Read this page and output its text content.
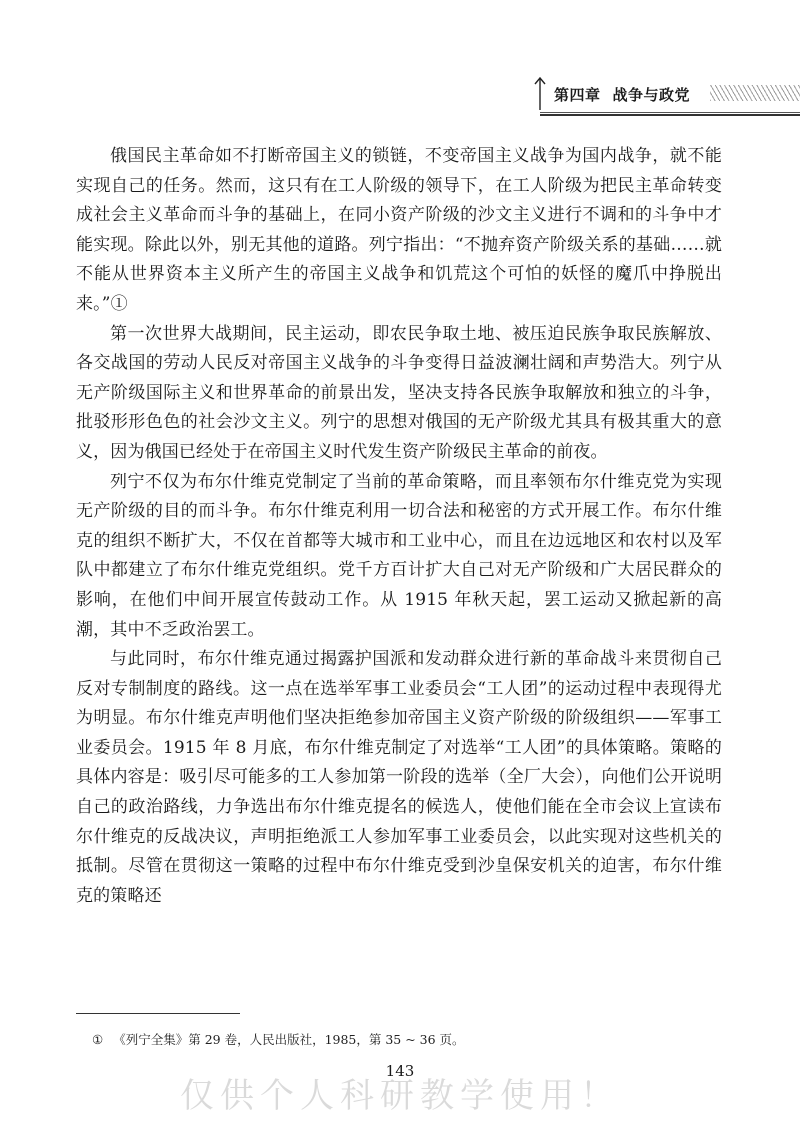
第四章 战争与政党

俄国民主革命如不打断帝国主义的锁链，不变帝国主义战争为国内战争，就不能实现自己的任务。然而，这只有在工人阶级的领导下，在工人阶级为把民主革命转变成社会主义革命而斗争的基础上，在同小资产阶级的沙文主义进行不调和的斗争中才能实现。除此以外，别无其他的道路。列宁指出：“不抛弃资产阶级关系的基础……就不能从世界资本主义所产生的帝国主义战争和饥荒这个可怕的妖怪的魔爪中挣脱出来。”①

第一次世界大战期间，民主运动，即农民争取土地、被压迫民族争取民族解放、各交战国的劳动人民反对帝国主义战争的斗争变得日益波澜壮阔和声势浩大。列宁从无产阶级国际主义和世界革命的前景出发，坚决支持各民族争取解放和独立的斗争，批驳形形色色的社会沙文主义。列宁的思想对俄国的无产阶级尤其具有极其重大的意义，因为俄国已经处于在帝国主义时代发生资产阶级民主革命的前夜。

列宁不仅为布尔什维克党制定了当前的革命策略，而且率领布尔什维克党为实现无产阶级的目的而斗争。布尔什维克利用一切合法和秘密的方式开展工作。布尔什维克的组织不断扩大，不仅在首都等大城市和工业中心，而且在边远地区和农村以及军队中都建立了布尔什维克党组织。党千方百计扩大自己对无产阶级和广大居民群众的影响，在他们中间开展宣传鼓动工作。从 1915 年秋天起，罢工运动又掀起新的高潮，其中不乏政治罢工。

与此同时，布尔什维克通过揭露护国派和发动群众进行新的革命战斗来贯彻自己反对专制制度的路线。这一点在选举军事工业委员会“工人团”的运动过程中表现得尤为明显。布尔什维克声明他们坚决拒绝参加帝国主义资产阶级的阶级组织——军事工业委员会。1915 年 8 月底，布尔什维克制定了对选举“工人团”的具体策略。策略的具体内容是：吸引尽可能多的工人参加第一阶段的选举（全厂大会），向他们公开说明自己的政治路线，力争选出布尔什维克提名的候选人，使他们能在全市会议上宣读布尔什维克的反战决议，声明拒绝派工人参加军事工业委员会，以此实现对这些机关的抵制。尽管在贯彻这一策略的过程中布尔什维克受到沙皇保安机关的迫害，布尔什维克的策略还

① 《列宁全集》第 29 卷，人民出版社，1985，第 35 ~ 36 页。
143
仅供个人科研教学使用！
